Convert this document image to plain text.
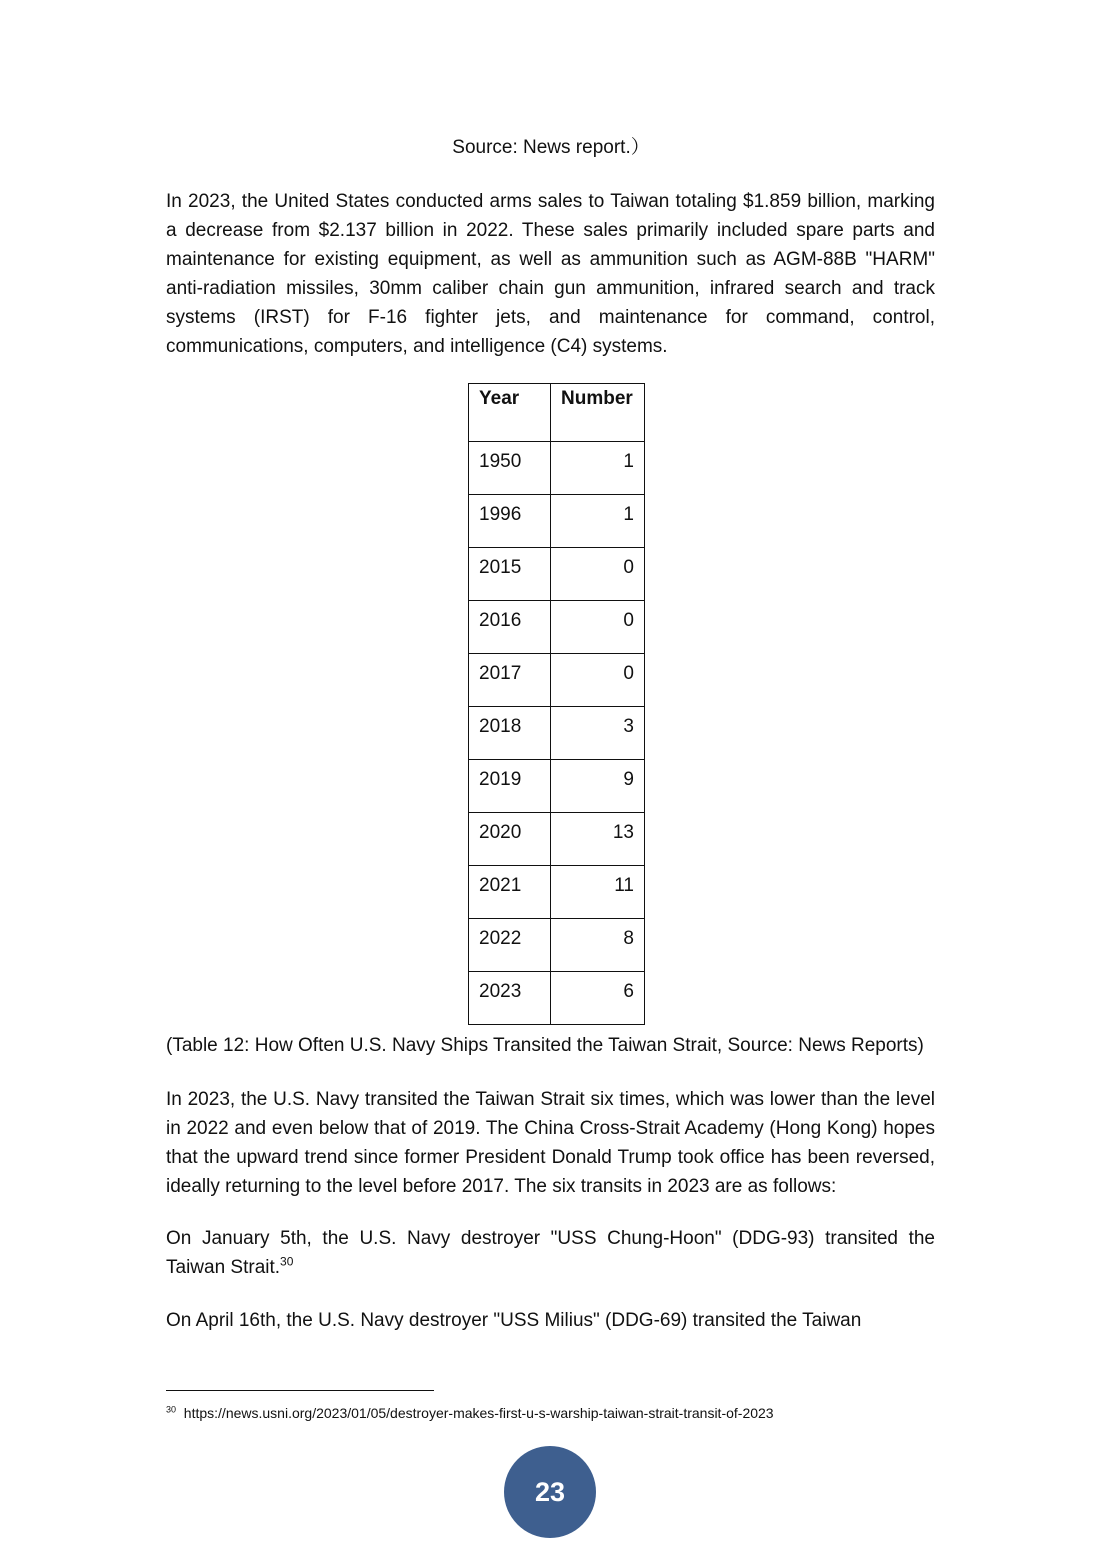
Source: News report.）

In 2023, the United States conducted arms sales to Taiwan totaling $1.859 billion, marking a decrease from $2.137 billion in 2022. These sales primarily included spare parts and maintenance for existing equipment, as well as ammunition such as AGM-88B "HARM" anti-radiation missiles, 30mm caliber chain gun ammunition, infrared search and track systems (IRST) for F-16 fighter jets, and maintenance for command, control, communications, computers, and intelligence (C4) systems.

Year	Number
1950	1
1996	1
2015	0
2016	0
2017	0
2018	3
2019	9
2020	13
2021	11
2022	8
2023	6
(Table 12: How Often U.S. Navy Ships Transited the Taiwan Strait, Source: News Reports)

In 2023, the U.S. Navy transited the Taiwan Strait six times, which was lower than the level in 2022 and even below that of 2019. The China Cross-Strait Academy (Hong Kong) hopes that the upward trend since former President Donald Trump took office has been reversed, ideally returning to the level before 2017. The six transits in 2023 are as follows:

On January 5th, the U.S. Navy destroyer "USS Chung-Hoon" (DDG-93) transited the Taiwan Strait.$^{30}$

On April 16th, the U.S. Navy destroyer "USS Milius" (DDG-69) transited the Taiwan

$^{30}$ https://news.usni.org/2023/01/05/destroyer-makes-first-u-s-warship-taiwan-strait-transit-of-2023
23
